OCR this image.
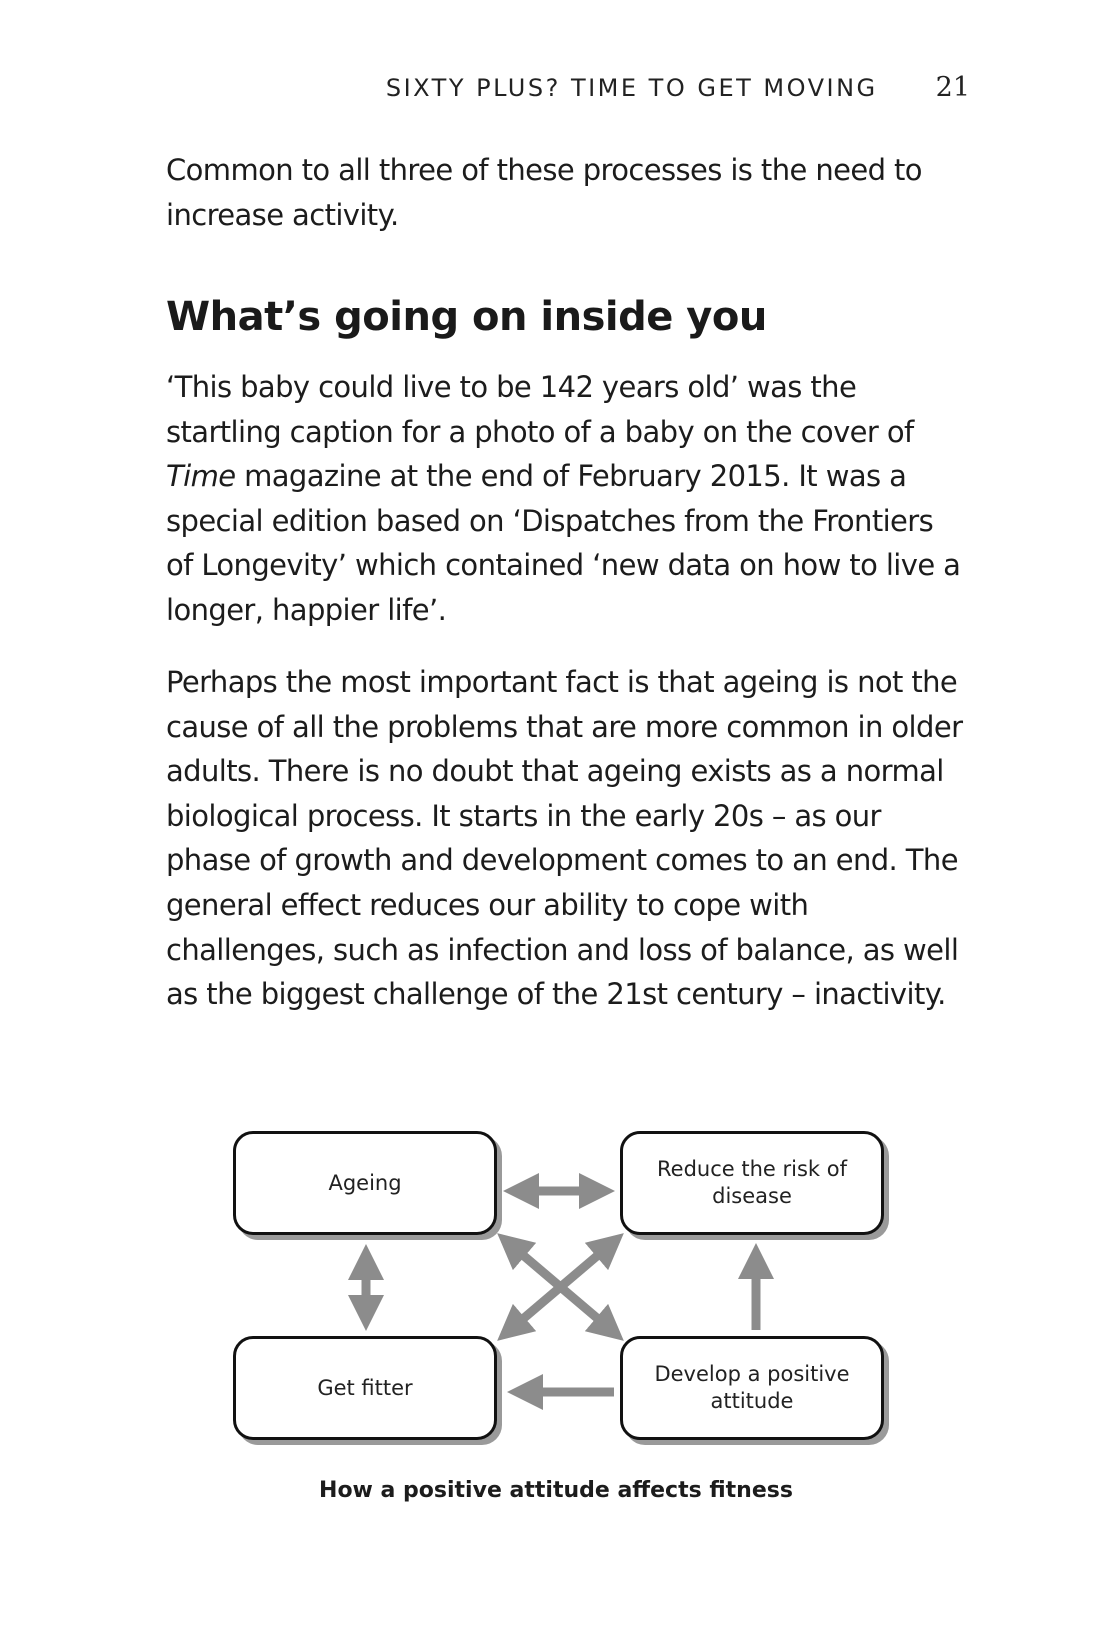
SIXTY PLUS? TIME TO GET MOVING 21

Common to all three of these processes is the need to increase activity.

What’s going on inside you

‘This baby could live to be 142 years old’ was the startling caption for a photo of a baby on the cover of Time magazine at the end of February 2015. It was a special edition based on ‘Dispatches from the Frontiers of Longevity’ which contained ‘new data on how to live a longer, happier life’.

Perhaps the most important fact is that ageing is not the cause of all the problems that are more common in older adults. There is no doubt that ageing exists as a normal biological process. It starts in the early 20s – as our phase of growth and development comes to an end. The general effect reduces our ability to cope with challenges, such as infection and loss of balance, as well as the biggest challenge of the 21st century – inactivity.

Ageing
Reduce the risk of disease
Get fitter
Develop a positive attitude
How a positive attitude affects fitness
